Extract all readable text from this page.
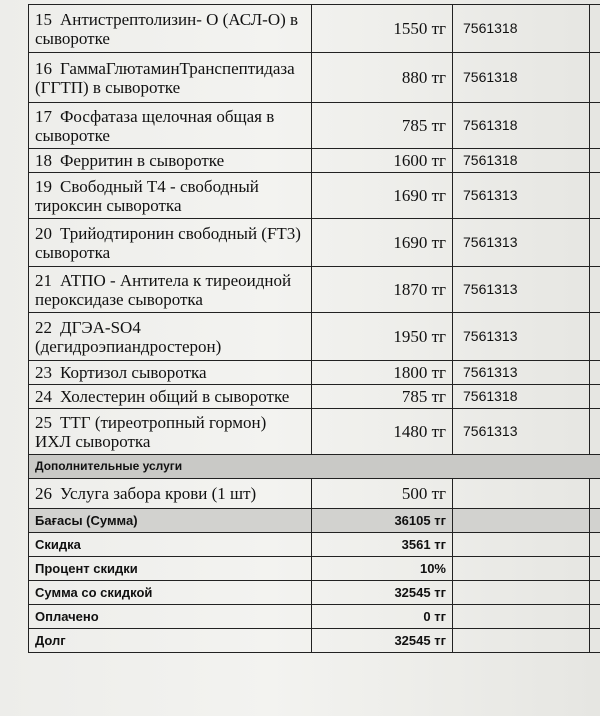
15 Антистрептолизин- О (АСЛ-О) в сыворотке	1550 тг	7561318	
16 ГаммаГлютаминТранспептидаза (ГГТП) в сыворотке	880 тг	7561318	
17 Фосфатаза щелочная общая в сыворотке	785 тг	7561318	
18 Ферритин в сыворотке	1600 тг	7561318	
19 Свободный Т4 - свободный тироксин сыворотка	1690 тг	7561313	
20 Трийодтиронин свободный (FT3) сыворотка	1690 тг	7561313	
21 АТПО - Антитела к тиреоидной пероксидазе сыворотка	1870 тг	7561313	
22 ДГЭА-SO4 (дегидроэпиандростерон)	1950 тг	7561313	
23 Кортизол сыворотка	1800 тг	7561313	
24 Холестерин общий в сыворотке	785 тг	7561318	
25 ТТГ (тиреотропный гормон) ИХЛ сыворотка	1480 тг	7561313	
Дополнительные услуги			
26 Услуга забора крови (1 шт)	500 тг		
Бағасы (Сумма)	36105 тг		
Скидка	3561 тг		
Процент скидки	10%		
Сумма со скидкой	32545 тг		
Оплачено	0 тг		
Долг	32545 тг		
